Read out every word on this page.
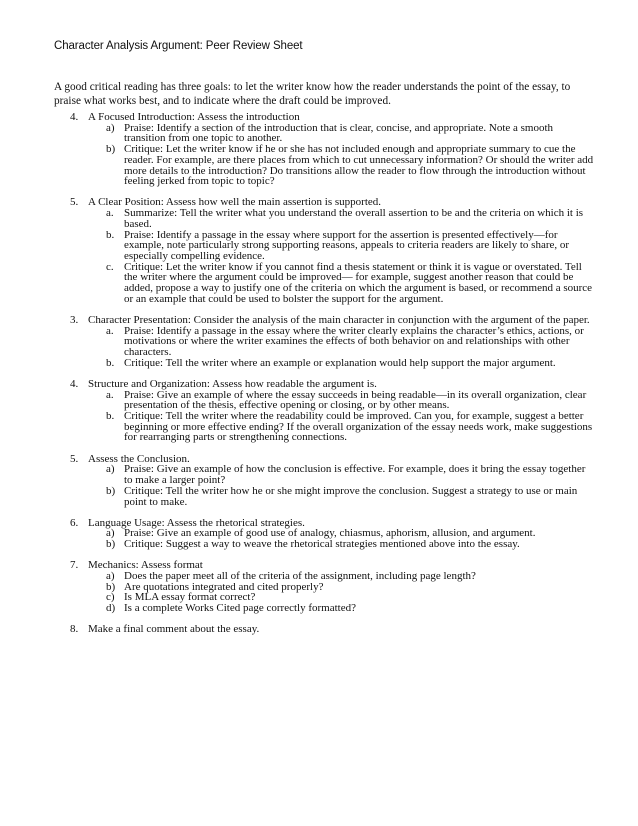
Character Analysis Argument: Peer Review Sheet
A good critical reading has three goals: to let the writer know how the reader understands the point of the essay, to praise what works best, and to indicate where the draft could be improved.
4. A Focused Introduction: Assess the introduction
a) Praise: Identify a section of the introduction that is clear, concise, and appropriate. Note a smooth transition from one topic to another.
b) Critique: Let the writer know if he or she has not included enough and appropriate summary to cue the reader. For example, are there places from which to cut unnecessary information? Or should the writer add more details to the introduction? Do transitions allow the reader to flow through the introduction without feeling jerked from topic to topic?
5. A Clear Position: Assess how well the main assertion is supported.
a. Summarize: Tell the writer what you understand the overall assertion to be and the criteria on which it is based.
b. Praise: Identify a passage in the essay where support for the assertion is presented effectively—for example, note particularly strong supporting reasons, appeals to criteria readers are likely to share, or especially compelling evidence.
c. Critique: Let the writer know if you cannot find a thesis statement or think it is vague or overstated. Tell the writer where the argument could be improved— for example, suggest another reason that could be added, propose a way to justify one of the criteria on which the argument is based, or recommend a source or an example that could be used to bolster the support for the argument.
3. Character Presentation: Consider the analysis of the main character in conjunction with the argument of the paper.
a. Praise: Identify a passage in the essay where the writer clearly explains the character’s ethics, actions, or motivations or where the writer examines the effects of both behavior on and relationships with other characters.
b. Critique: Tell the writer where an example or explanation would help support the major argument.
4. Structure and Organization: Assess how readable the argument is.
a. Praise: Give an example of where the essay succeeds in being readable—in its overall organization, clear presentation of the thesis, effective opening or closing, or by other means.
b. Critique: Tell the writer where the readability could be improved. Can you, for example, suggest a better beginning or more effective ending? If the overall organization of the essay needs work, make suggestions for rearranging parts or strengthening connections.
5. Assess the Conclusion.
a) Praise: Give an example of how the conclusion is effective. For example, does it bring the essay together to make a larger point?
b) Critique: Tell the writer how he or she might improve the conclusion. Suggest a strategy to use or main point to make.
6. Language Usage: Assess the rhetorical strategies.
a) Praise: Give an example of good use of analogy, chiasmus, aphorism, allusion, and argument.
b) Critique: Suggest a way to weave the rhetorical strategies mentioned above into the essay.
7. Mechanics: Assess format
a) Does the paper meet all of the criteria of the assignment, including page length?
b) Are quotations integrated and cited properly?
c) Is MLA essay format correct?
d) Is a complete Works Cited page correctly formatted?
8. Make a final comment about the essay.
